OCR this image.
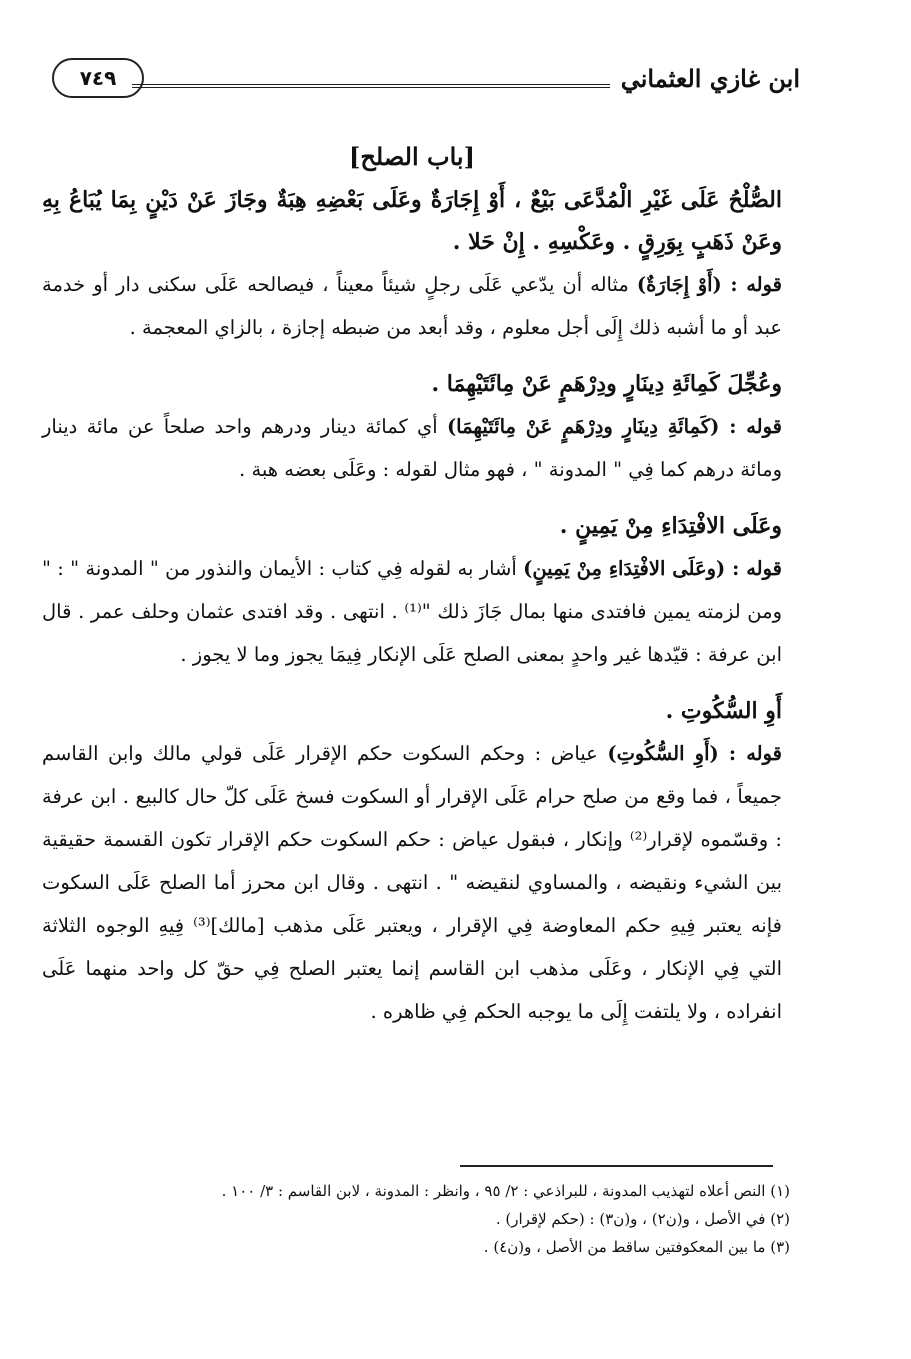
ابن غازي العثماني
٧٤٩
[باب الصلح]

الصُّلْحُ عَلَى غَيْرِ الْمُدَّعَى بَيْعٌ ، أَوْ إِجَارَةٌ وعَلَى بَعْضِهِ هِبَةٌ وجَازَ عَنْ دَيْنٍ بِمَا يُبَاعُ بِهِ وعَنْ ذَهَبٍ بِوَرِقٍ . وعَكْسِهِ . إِنْ حَلا .

قوله : (أَوْ إِجَارَةٌ) مثاله أن يدّعي عَلَى رجلٍ شيئاً معيناً ، فيصالحه عَلَى سكنى دار أو خدمة عبد أو ما أشبه ذلك إِلَى أجل معلوم ، وقد أبعد من ضبطه إجازة ، بالزاي المعجمة .

وعُجِّلَ كَمِائَةِ دِينَارٍ ودِرْهَمٍ عَنْ مِائَتَيْهِمَا .

قوله : (كَمِائَةِ دِينَارٍ ودِرْهَمٍ عَنْ مِائَتَيْهِمَا) أي كمائة دينار ودرهم واحد صلحاً عن مائة دينار ومائة درهم كما فِي " المدونة " ، فهو مثال لقوله : وعَلَى بعضه هبة .

وعَلَى الافْتِدَاءِ مِنْ يَمِينٍ .

قوله : (وعَلَى الافْتِدَاءِ مِنْ يَمِينٍ) أشار به لقوله فِي كتاب : الأيمان والنذور من " المدونة " : " ومن لزمته يمين فافتدى منها بمال جَازَ ذلك "⁽¹⁾ . انتهى . وقد افتدى عثمان وحلف عمر . قال ابن عرفة : قيّدها غير واحدٍ بمعنى الصلح عَلَى الإنكار فِيمَا يجوز وما لا يجوز .

أَوِ السُّكُوتِ .

قوله : (أَوِ السُّكُوتِ) عياض : وحكم السكوت حكم الإقرار عَلَى قولي مالك وابن القاسم جميعاً ، فما وقع من صلح حرام عَلَى الإقرار أو السكوت فسخ عَلَى كلّ حال كالبيع . ابن عرفة : وقسّموه لإقرار⁽²⁾ وإنكار ، فبقول عياض : حكم السكوت حكم الإقرار تكون القسمة حقيقية بين الشيء ونقيضه ، والمساوي لنقيضه " . انتهى . وقال ابن محرز أما الصلح عَلَى السكوت فإنه يعتبر فِيهِ حكم المعاوضة فِي الإقرار ، ويعتبر عَلَى مذهب [مالك]⁽³⁾ فِيهِ الوجوه الثلاثة التي فِي الإنكار ، وعَلَى مذهب ابن القاسم إنما يعتبر الصلح فِي حقّ كل واحد منهما عَلَى انفراده ، ولا يلتفت إِلَى ما يوجبه الحكم فِي ظاهره .

(١) النص أعلاه لتهذيب المدونة ، للبراذعي : ٢/ ٩٥ ، وانظر : المدونة ، لابن القاسم : ٣/ ١٠٠ .

(٢) في الأصل ، و(ن٢) ، و(ن٣) : (حكم لإقرار) .

(٣) ما بين المعكوفتين ساقط من الأصل ، و(ن٤) .
